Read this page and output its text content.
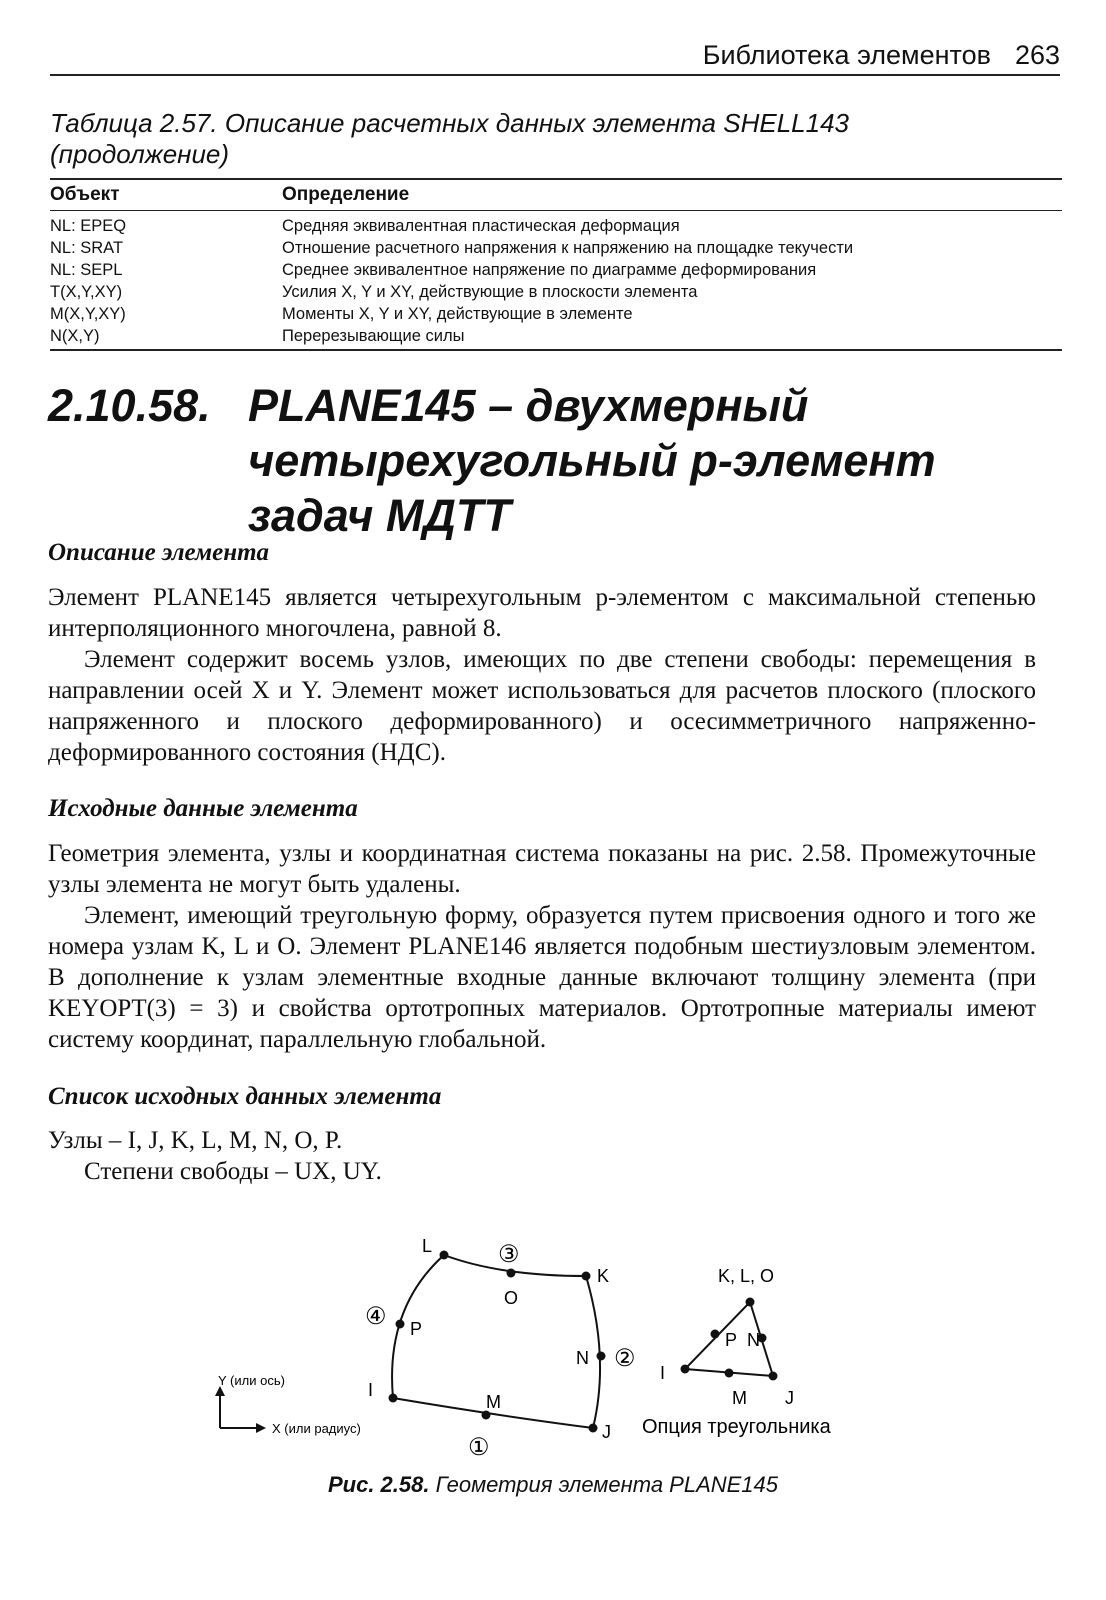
Библиотека элементов 263
Таблица 2.57. Описание расчетных данных элемента SHELL143
(продолжение)
Объект	Определение
NL: EPEQ	Средняя эквивалентная пластическая деформация
NL: SRAT	Отношение расчетного напряжения к напряжению на площадке текучести
NL: SEPL	Среднее эквивалентное напряжение по диаграмме деформирования
T(X,Y,XY)	Усилия X, Y и XY, действующие в плоскости элемента
M(X,Y,XY)	Моменты X, Y и XY, действующие в элементе
N(X,Y)	Перерезывающие силы
2.10.58. PLANE145 – двухмерный
четырехугольный р-элемент
задач МДТТ
Описание элемента
Элемент PLANE145 является четырехугольным р-элементом с максимальной степенью интерполяционного многочлена, равной 8.
Элемент содержит восемь узлов, имеющих по две степени свободы: перемещения в направлении осей X и Y. Элемент может использоваться для расчетов плоского (плоского напряженного и плоского деформированного) и осесимметричного напряженно-деформированного состояния (НДС).
Исходные данные элемента
Геометрия элемента, узлы и координатная система показаны на рис. 2.58. Промежуточные узлы элемента не могут быть удалены.
Элемент, имеющий треугольную форму, образуется путем присвоения одного и того же номера узлам K, L и O. Элемент PLANE146 является подобным шестиузловым элементом. В дополнение к узлам элементные входные данные включают толщину элемента (при KEYOPT(3) = 3) и свойства ортотропных материалов. Ортотропные материалы имеют систему координат, параллельную глобальной.
Список исходных данных элемента
Узлы – I, J, K, L, M, N, O, P.
Степени свободы – UX, UY.
L
K
O
P
N
I
M
J
①
②
③
④
Y (или ось)
X (или радиус)
K, L, O
P N
I
M J
Опция треугольника
Рис. 2.58. Геометрия элемента PLANE145
